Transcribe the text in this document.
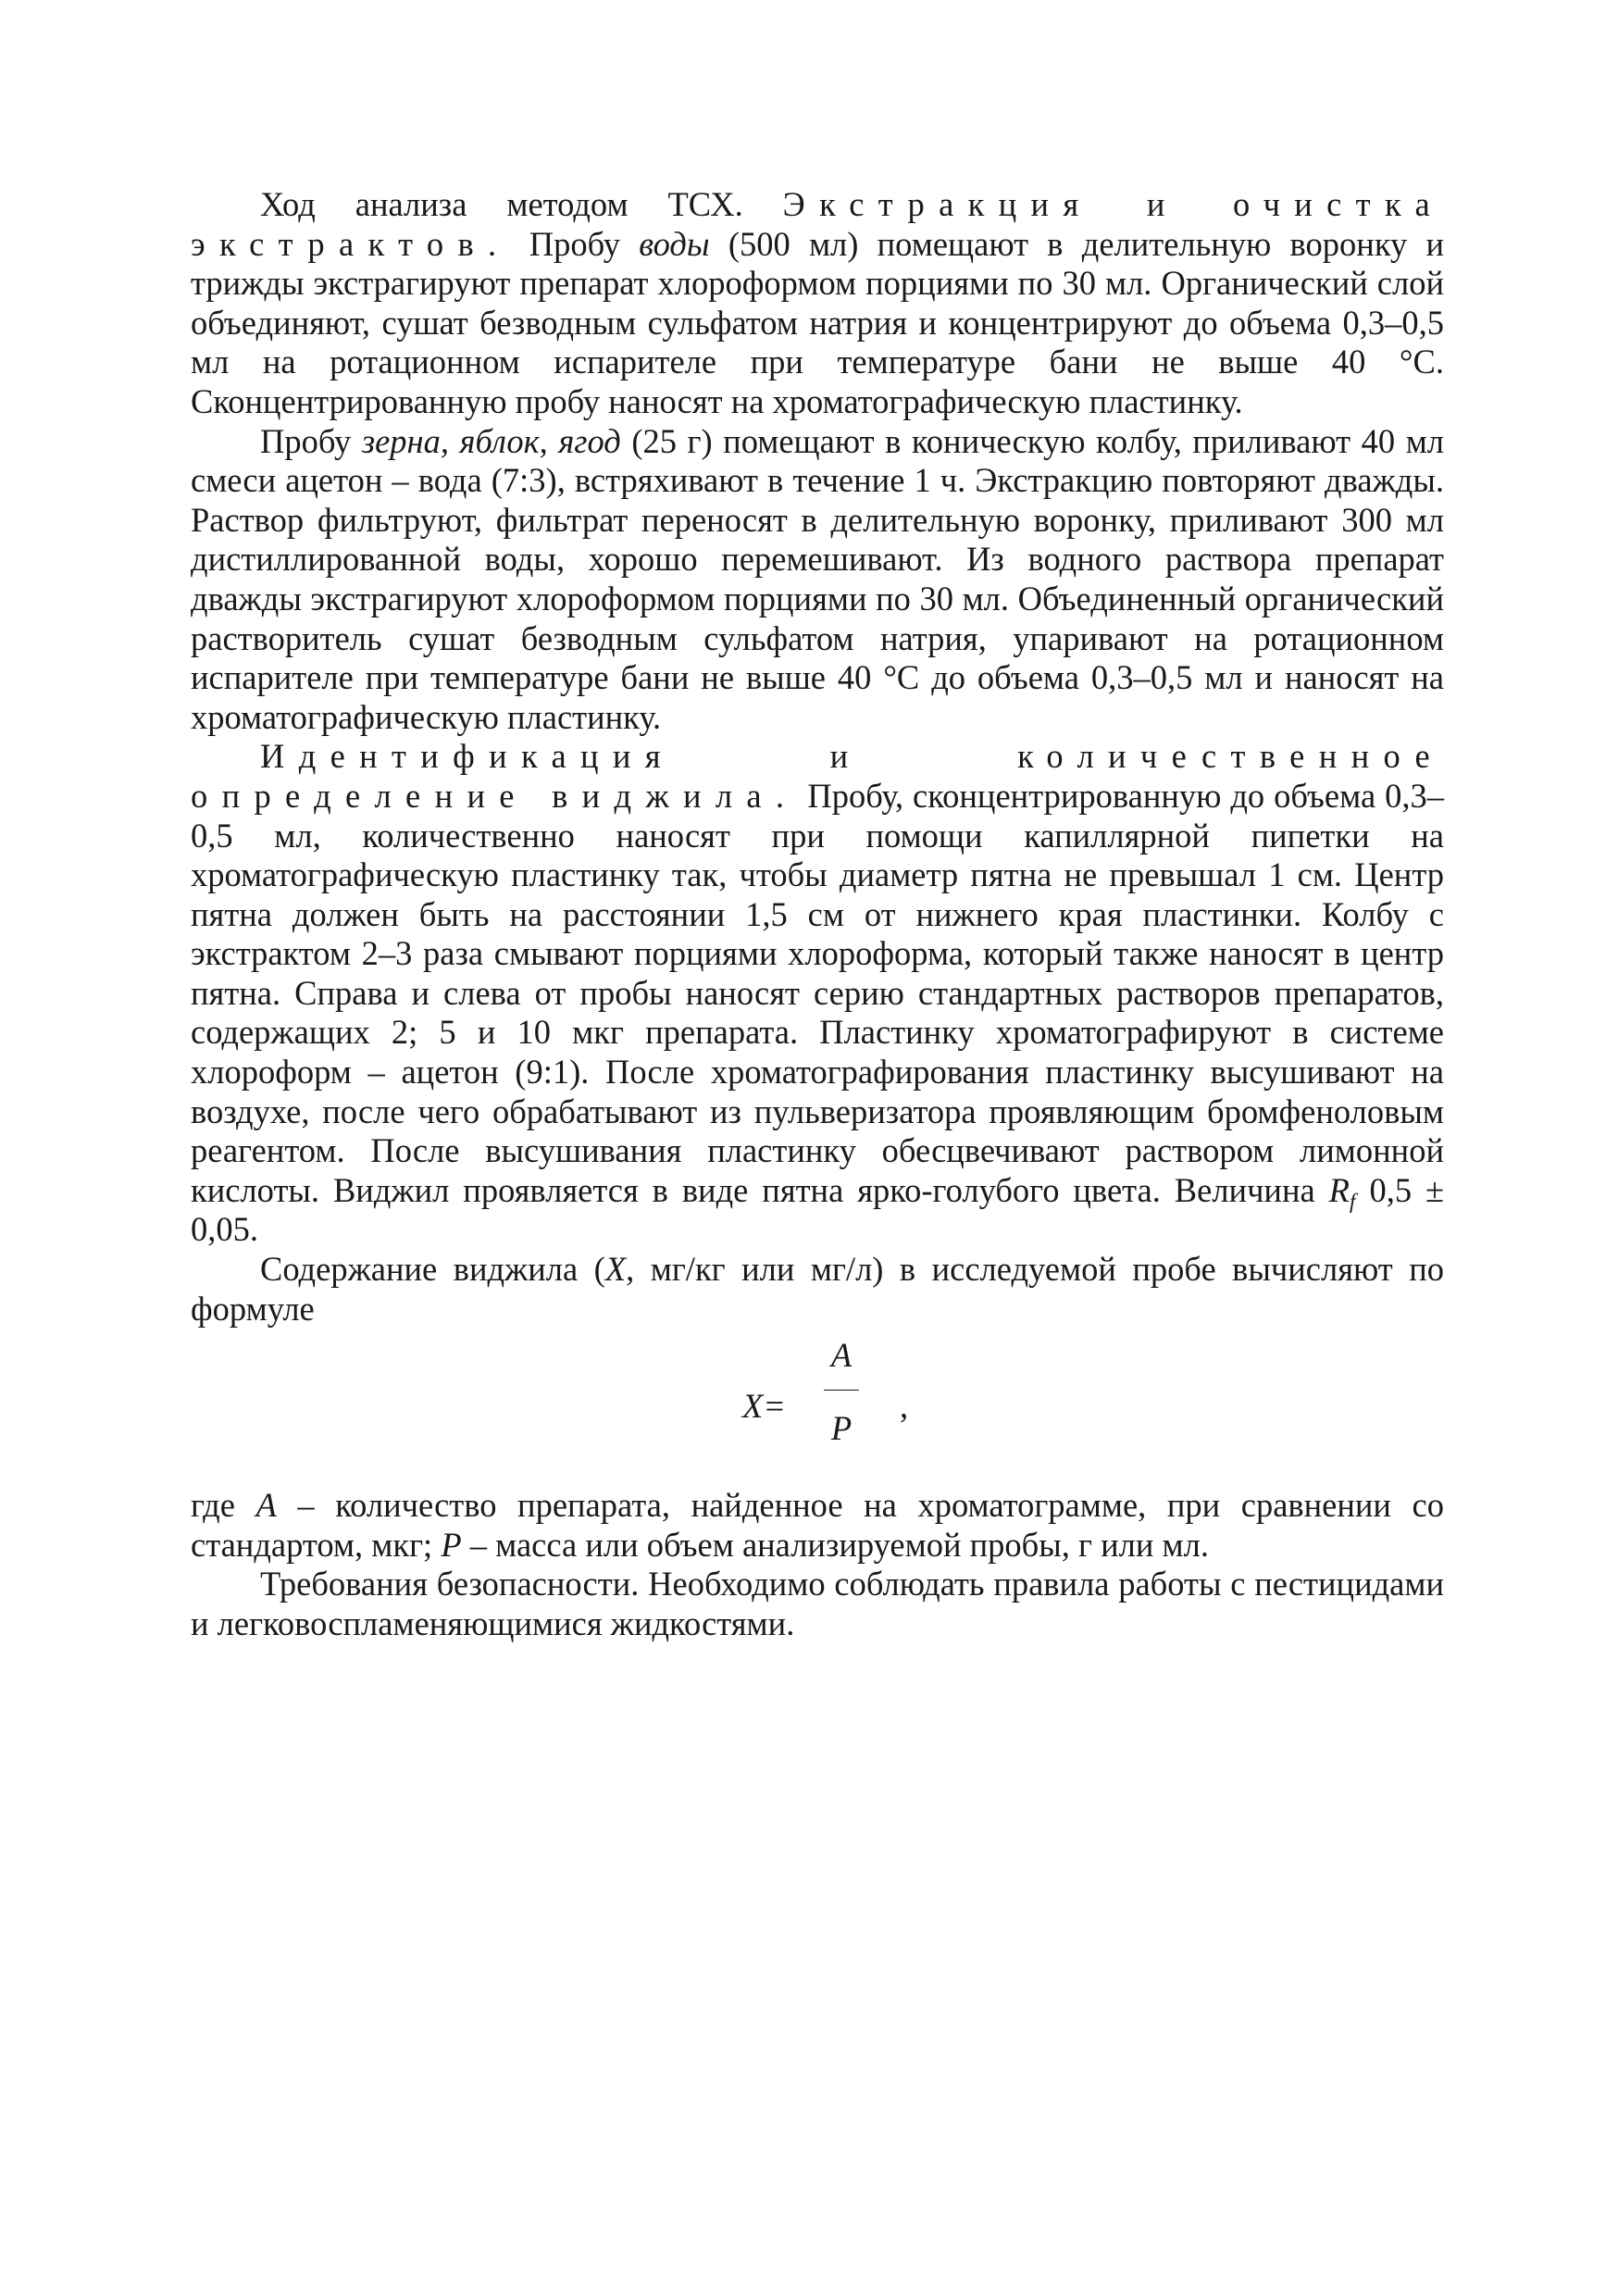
Ход анализа методом ТСХ. Экстракция и очистка экстрактов. Пробу воды (500 мл) помещают в делительную воронку и трижды экстрагируют препарат хлороформом порциями по 30 мл. Органический слой объединяют, сушат безводным сульфатом натрия и концентрируют до объема 0,3–0,5 мл на ротационном испарителе при температуре бани не выше 40 °С. Сконцентрированную пробу наносят на хроматографическую пластинку.

Пробу зерна, яблок, ягод (25 г) помещают в коническую колбу, приливают 40 мл смеси ацетон – вода (7:3), встряхивают в течение 1 ч. Экстракцию повторяют дважды. Раствор фильтруют, фильтрат переносят в делительную воронку, приливают 300 мл дистиллированной воды, хорошо перемешивают. Из водного раствора препарат дважды экстрагируют хлороформом порциями по 30 мл. Объединенный органический растворитель сушат безводным сульфатом натрия, упаривают на ротационном испарителе при температуре бани не выше 40 °С до объема 0,3–0,5 мл и наносят на хроматографическую пластинку.

Идентификация и количественное определение виджила. Пробу, сконцентрированную до объема 0,3–0,5 мл, количественно наносят при помощи капиллярной пипетки на хроматографическую пластинку так, чтобы диаметр пятна не превышал 1 см. Центр пятна должен быть на расстоянии 1,5 см от нижнего края пластинки. Колбу с экстрактом 2–3 раза смывают порциями хлороформа, который также наносят в центр пятна. Справа и слева от пробы наносят серию стандартных растворов препаратов, содержащих 2; 5 и 10 мкг препарата. Пластинку хроматографируют в системе хлороформ – ацетон (9:1). После хроматографирования пластинку высушивают на воздухе, после чего обрабатывают из пульверизатора проявляющим бромфеноловым реагентом. После высушивания пластинку обесцвечивают раствором лимонной кислоты. Виджил проявляется в виде пятна ярко-голубого цвета. Величина $R_f$ 0,5 ± 0,05.

Содержание виджила (X, мг/кг или мг/л) в исследуемой пробе вычисляют по формуле

X=
A
P
,

где A – количество препарата, найденное на хроматограмме, при сравнении со стандартом, мкг; P – масса или объем анализируемой пробы, г или мл.

Требования безопасности. Необходимо соблюдать правила работы с пестицидами и легковоспламеняющимися жидкостями.
